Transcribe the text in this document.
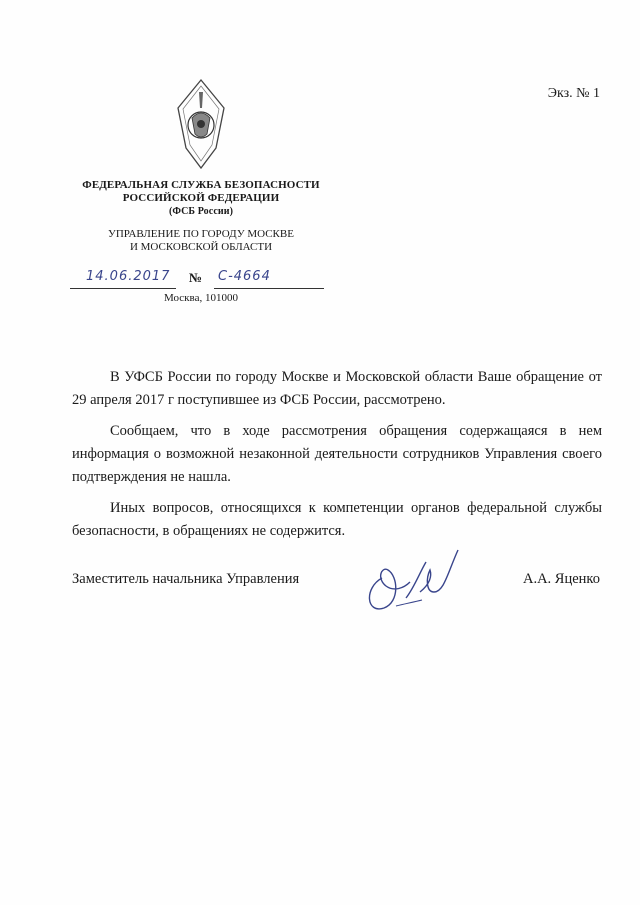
Экз. № 1
ФЕДЕРАЛЬНАЯ СЛУЖБА БЕЗОПАСНОСТИ
РОССИЙСКОЙ ФЕДЕРАЦИИ
(ФСБ России)
УПРАВЛЕНИЕ ПО ГОРОДУ МОСКВЕ
И МОСКОВСКОЙ ОБЛАСТИ
14.06.2017 № С-4664
Москва, 101000

В УФСБ России по городу Москве и Московской области Ваше обращение от 29 апреля 2017 г поступившее из ФСБ России, рассмотрено.

Сообщаем, что в ходе рассмотрения обращения содержащаяся в нем информация о возможной незаконной деятельности сотрудников Управления своего подтверждения не нашла.

Иных вопросов, относящихся к компетенции органов федеральной службы безопасности, в обращениях не содержится.

Заместитель начальника Управления	А.А. Яценко
